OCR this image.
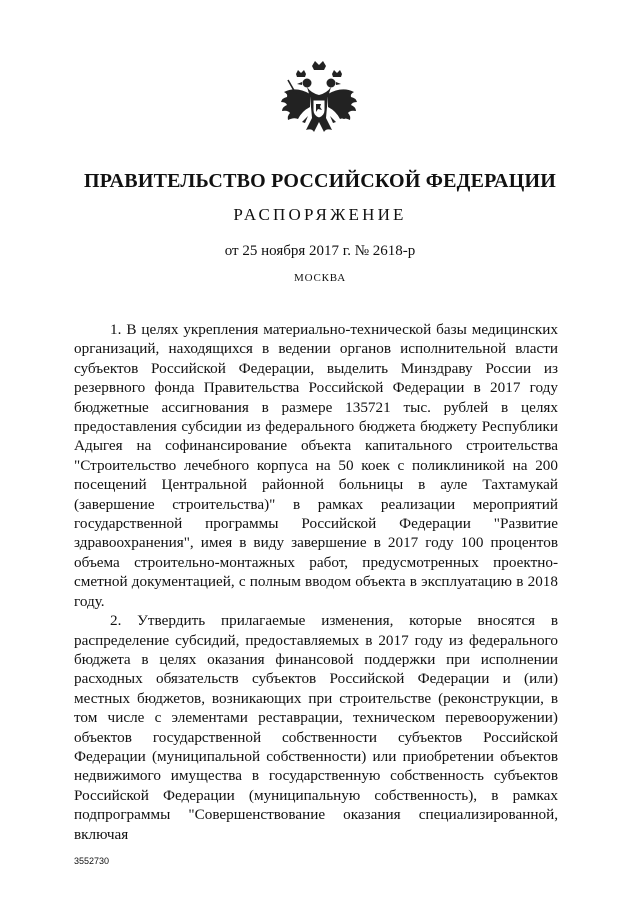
ПРАВИТЕЛЬСТВО РОССИЙСКОЙ ФЕДЕРАЦИИ
РАСПОРЯЖЕНИЕ
от 25 ноября 2017 г. № 2618-р
МОСКВА

1. В целях укрепления материально-технической базы медицинских организаций, находящихся в ведении органов исполнительной власти субъектов Российской Федерации, выделить Минздраву России из резервного фонда Правительства Российской Федерации в 2017 году бюджетные ассигнования в размере 135721 тыс. рублей в целях предоставления субсидии из федерального бюджета бюджету Республики Адыгея на софинансирование объекта капитального строительства "Строительство лечебного корпуса на 50 коек с поликлиникой на 200 посещений Центральной районной больницы в ауле Тахтамукай (завершение строительства)" в рамках реализации мероприятий государственной программы Российской Федерации "Развитие здравоохранения", имея в виду завершение в 2017 году 100 процентов объема строительно-монтажных работ, предусмотренных проектно-сметной документацией, с полным вводом объекта в эксплуатацию в 2018 году.

2. Утвердить прилагаемые изменения, которые вносятся в распределение субсидий, предоставляемых в 2017 году из федерального бюджета в целях оказания финансовой поддержки при исполнении расходных обязательств субъектов Российской Федерации и (или) местных бюджетов, возникающих при строительстве (реконструкции, в том числе с элементами реставрации, техническом перевооружении) объектов государственной собственности субъектов Российской Федерации (муниципальной собственности) или приобретении объектов недвижимого имущества в государственную собственность субъектов Российской Федерации (муниципальную собственность), в рамках подпрограммы "Совершенствование оказания специализированной, включая

3552730
